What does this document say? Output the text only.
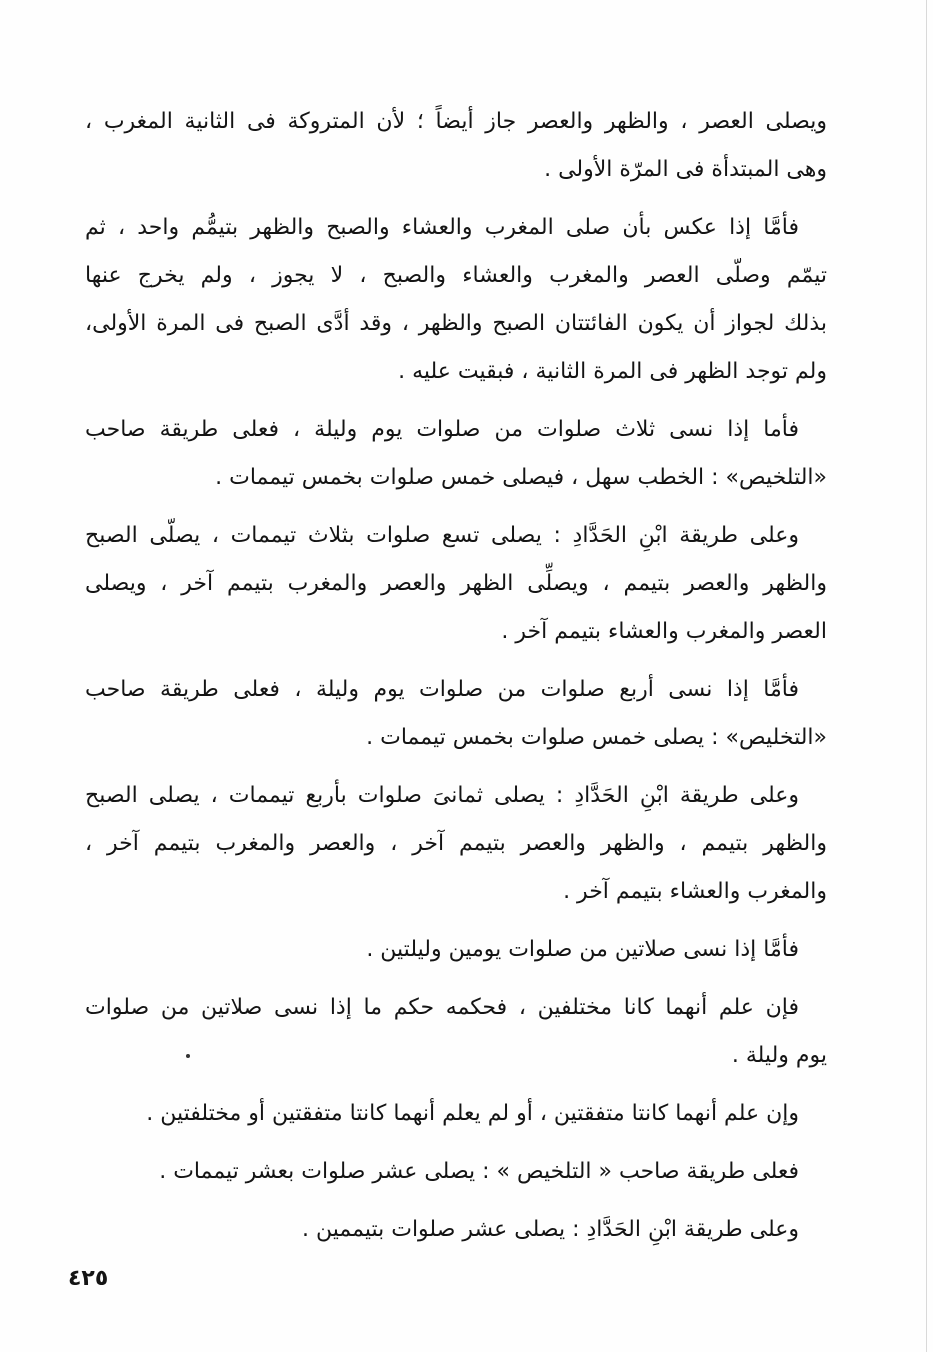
ويصلى العصر ، والظهر والعصر جاز أيضاً ؛ لأن المتروكة فى الثانية المغرب ،
وهى المبتدأة فى المرّة الأولى .

فأمَّا إذا عكس بأن صلى المغرب والعشاء والصبح والظهر بتيمُّم واحد ، ثم
تيمّم وصلّى العصر والمغرب والعشاء والصبح ، لا يجوز ، ولم يخرج عنها
بذلك لجواز أن يكون الفائتتان الصبح والظهر ، وقد أدَّى الصبح فى المرة الأولى،
ولم توجد الظهر فى المرة الثانية ، فبقيت عليه .

فأما إذا نسى ثلاث صلوات من صلوات يوم وليلة ، فعلى طريقة صاحب
«التلخيص» : الخطب سهل ، فيصلى خمس صلوات بخمس تيممات .

وعلى طريقة ابْنِ الحَدَّادِ : يصلى تسع صلوات بثلاث تيممات ، يصلّى الصبح
والظهر والعصر بتيمم ، ويصلِّى الظهر والعصر والمغرب بتيمم آخر ، ويصلى
العصر والمغرب والعشاء بتيمم آخر .

فأمَّا إذا نسى أربع صلوات من صلوات يوم وليلة ، فعلى طريقة صاحب
«التخليص» : يصلى خمس صلوات بخمس تيممات .

وعلى طريقة ابْنِ الحَدَّادِ : يصلى ثمانىَ صلوات بأربع تيممات ، يصلى الصبح
والظهر بتيمم ، والظهر والعصر بتيمم آخر ، والعصر والمغرب بتيمم آخر ،
والمغرب والعشاء بتيمم آخر .

فأمَّا إذا نسى صلاتين من صلوات يومين وليلتين .

فإن علم أنهما كانا مختلفين ، فحكمه حكم ما إذا نسى صلاتين من صلوات
يوم وليلة .

وإن علم أنهما كانتا متفقتين ، أو لم يعلم أنهما كانتا متفقتين أو مختلفتين .

فعلى طريقة صاحب « التلخيص » : يصلى عشر صلوات بعشر تيممات .

وعلى طريقة ابْنِ الحَدَّادِ : يصلى عشر صلوات بتيممين .

٤٢٥
